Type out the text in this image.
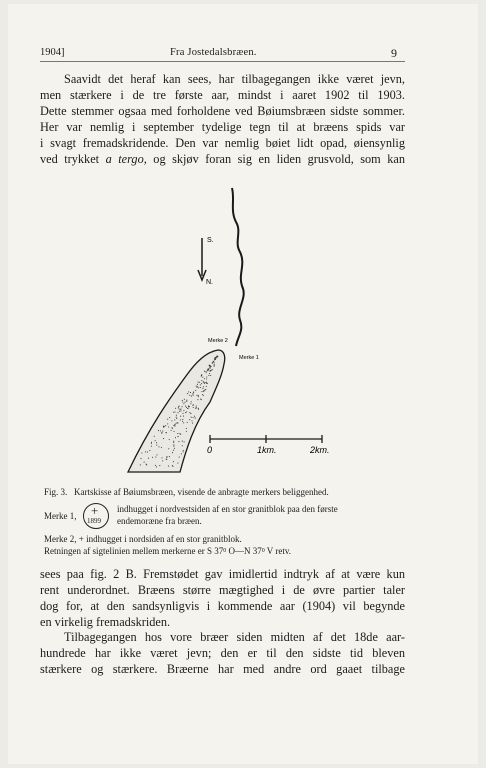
1904]	Fra Jostedalsbræen.	9
Saavidt det heraf kan sees, har tilbagegangen ikke været jevn,
men stærkere i de tre første aar, mindst i aaret 1902 til 1903.
Dette stemmer ogsaa med forholdene ved Bøiumsbræen sidste sommer.
Her var nemlig i september tydelige tegn til at bræens spids var
i svagt fremadskridende. Den var nemlig bøiet lidt opad, øiensynlig
ved trykket a tergo, og skjøv foran sig en liden grusvold, som kan
S.
N.
Merke 2
Merke 1
0	1km.	2km.
Fig. 3. Kartskisse af Bøiumsbræen, visende de anbragte merkers beliggenhed.
Merke 1, +
1899
indhugget i nordvestsiden af en stor granitblok paa den første
endemoræne fra bræen.
Merke 2, + indhugget i nordsiden af en stor granitblok.
Retningen af sigtelinien mellem merkerne er S $37^0$ O—N $37^0$ V retv.
sees paa fig. 2 B. Fremstødet gav imidlertid indtryk af at være kun
rent underordnet. Bræens større mægtighed i de øvre partier taler
dog for, at den sandsynligvis i kommende aar (1904) vil begynde
en virkelig fremadskriden.
Tilbagegangen hos vore bræer siden midten af det 18de aar-
hundrede har ikke været jevn; den er til den sidste tid bleven
stærkere og stærkere. Bræerne har med andre ord gaaet tilbage
